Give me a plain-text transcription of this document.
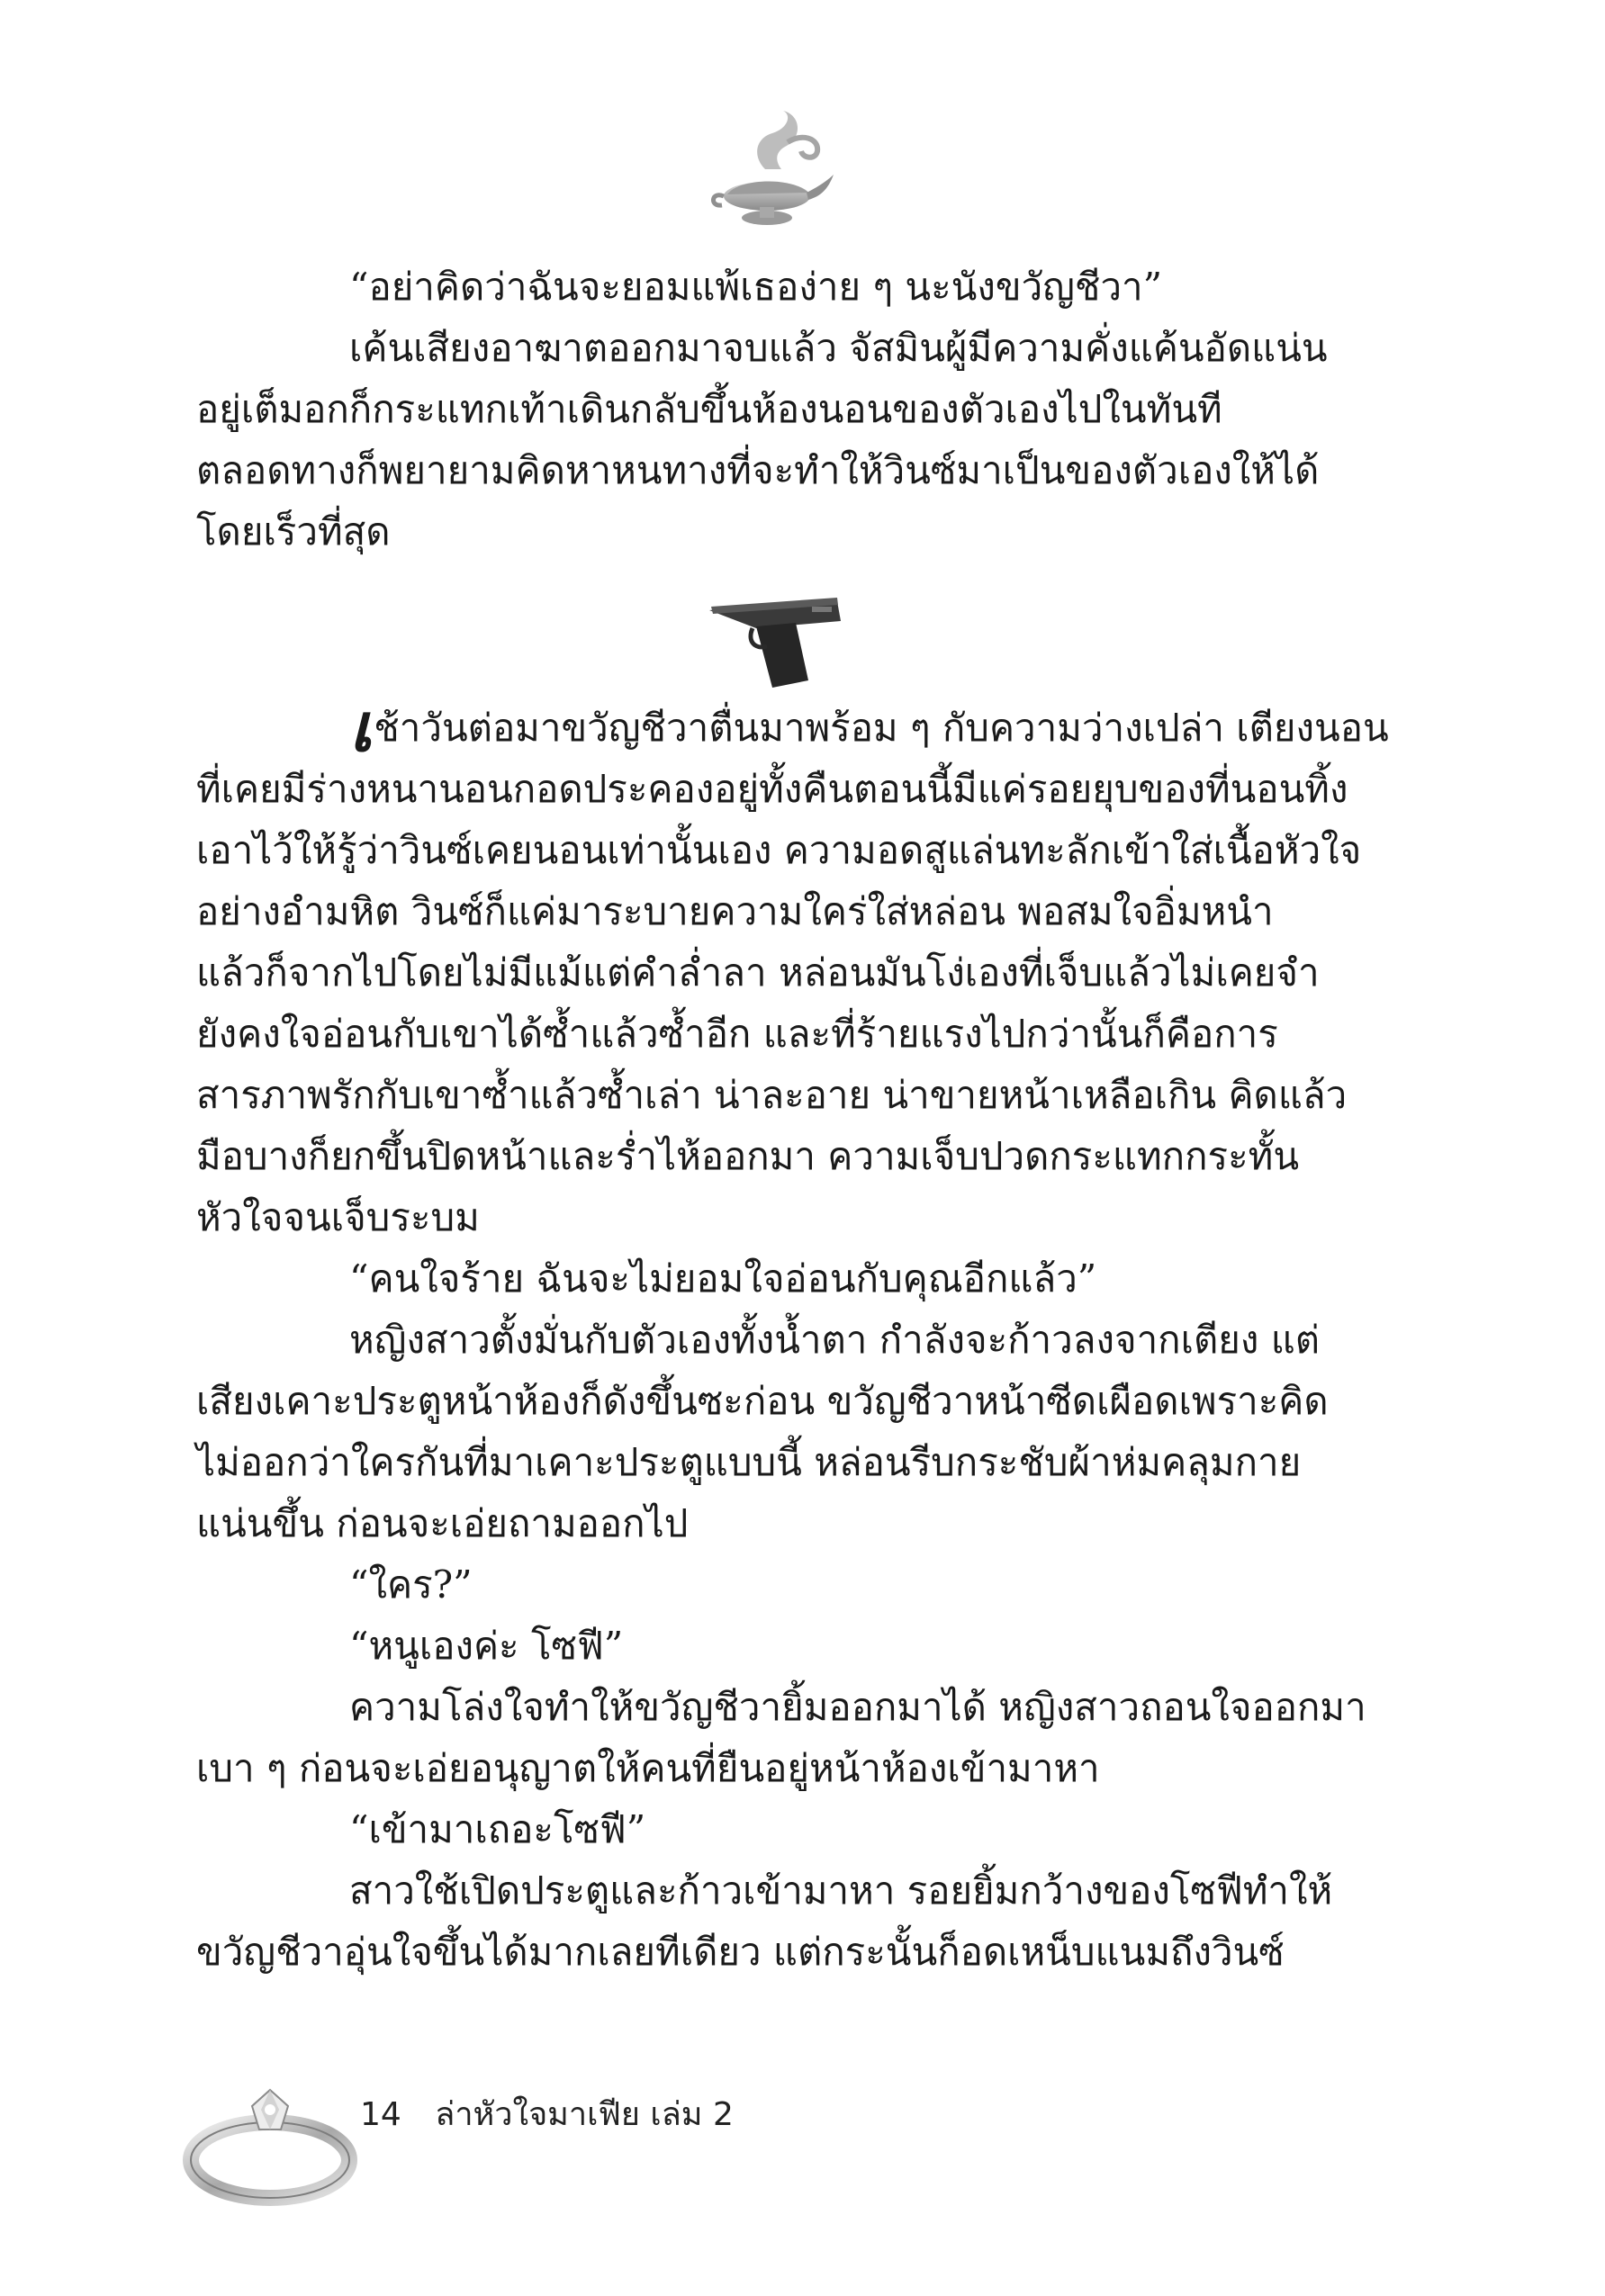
“อย่าคิดว่าฉันจะยอมแพ้เธอง่าย ๆ นะนังขวัญชีวา”
เค้นเสียงอาฆาตออกมาจบแล้ว จัสมินผู้มีความคั่งแค้นอัดแน่น
อยู่เต็มอกก็กระแทกเท้าเดินกลับขึ้นห้องนอนของตัวเองไปในทันที
ตลอดทางก็พยายามคิดหาหนทางที่จะทำให้วินซ์มาเป็นของตัวเองให้ได้
โดยเร็วที่สุด
เช้าวันต่อมาขวัญชีวาตื่นมาพร้อม ๆ กับความว่างเปล่า เตียงนอน
ที่เคยมีร่างหนานอนกอดประคองอยู่ทั้งคืนตอนนี้มีแค่รอยยุบของที่นอนทิ้ง
เอาไว้ให้รู้ว่าวินซ์เคยนอนเท่านั้นเอง ความอดสูแล่นทะลักเข้าใส่เนื้อหัวใจ
อย่างอำมหิต วินซ์ก็แค่มาระบายความใคร่ใส่หล่อน พอสมใจอิ่มหนำ
แล้วก็จากไปโดยไม่มีแม้แต่คำล่ำลา หล่อนมันโง่เองที่เจ็บแล้วไม่เคยจำ
ยังคงใจอ่อนกับเขาได้ซ้ำแล้วซ้ำอีก และที่ร้ายแรงไปกว่านั้นก็คือการ
สารภาพรักกับเขาซ้ำแล้วซ้ำเล่า น่าละอาย น่าขายหน้าเหลือเกิน คิดแล้ว
มือบางก็ยกขึ้นปิดหน้าและร่ำไห้ออกมา ความเจ็บปวดกระแทกกระทั้น
หัวใจจนเจ็บระบม
“คนใจร้าย ฉันจะไม่ยอมใจอ่อนกับคุณอีกแล้ว”
หญิงสาวตั้งมั่นกับตัวเองทั้งน้ำตา กำลังจะก้าวลงจากเตียง แต่
เสียงเคาะประตูหน้าห้องก็ดังขึ้นซะก่อน ขวัญชีวาหน้าซีดเผือดเพราะคิด
ไม่ออกว่าใครกันที่มาเคาะประตูแบบนี้ หล่อนรีบกระชับผ้าห่มคลุมกาย
แน่นขึ้น ก่อนจะเอ่ยถามออกไป
“ใคร?”
“หนูเองค่ะ โซฟี”
ความโล่งใจทำให้ขวัญชีวายิ้มออกมาได้ หญิงสาวถอนใจออกมา
เบา ๆ ก่อนจะเอ่ยอนุญาตให้คนที่ยืนอยู่หน้าห้องเข้ามาหา
“เข้ามาเถอะโซฟี”
สาวใช้เปิดประตูและก้าวเข้ามาหา รอยยิ้มกว้างของโซฟีทำให้
ขวัญชีวาอุ่นใจขึ้นได้มากเลยทีเดียว แต่กระนั้นก็อดเหน็บแนมถึงวินซ์
14 ล่าหัวใจมาเฟีย เล่ม 2
